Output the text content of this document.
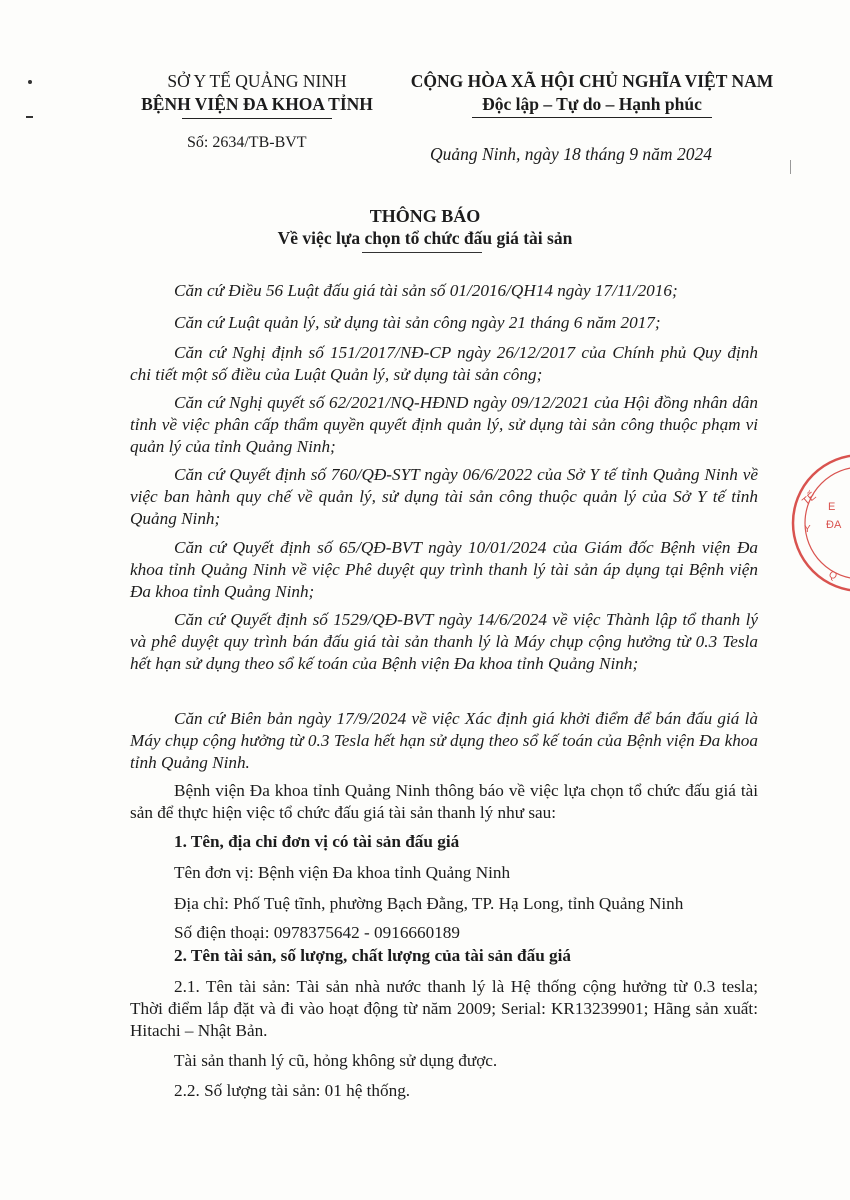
SỞ Y TẾ QUẢNG NINH
BỆNH VIỆN ĐA KHOA TỈNH
CỘNG HÒA XÃ HỘI CHỦ NGHĨA VIỆT NAM
Độc lập – Tự do – Hạnh phúc
Số: 2634/TB-BVT
Quảng Ninh, ngày 18 tháng 9 năm 2024
THÔNG BÁO
Về việc lựa chọn tổ chức đấu giá tài sản
Căn cứ Điều 56 Luật đấu giá tài sản số 01/2016/QH14 ngày 17/11/2016;
Căn cứ Luật quản lý, sử dụng tài sản công ngày 21 tháng 6 năm 2017;
Căn cứ Nghị định số 151/2017/NĐ-CP ngày 26/12/2017 của Chính phủ Quy định chi tiết một số điều của Luật Quản lý, sử dụng tài sản công;
Căn cứ Nghị quyết số 62/2021/NQ-HĐND ngày 09/12/2021 của Hội đồng nhân dân tỉnh về việc phân cấp thẩm quyền quyết định quản lý, sử dụng tài sản công thuộc phạm vi quản lý của tỉnh Quảng Ninh;
Căn cứ Quyết định số 760/QĐ-SYT ngày 06/6/2022 của Sở Y tế tỉnh Quảng Ninh về việc ban hành quy chế về quản lý, sử dụng tài sản công thuộc quản lý của Sở Y tế tỉnh Quảng Ninh;
Căn cứ Quyết định số 65/QĐ-BVT ngày 10/01/2024 của Giám đốc Bệnh viện Đa khoa tỉnh Quảng Ninh về việc Phê duyệt quy trình thanh lý tài sản áp dụng tại Bệnh viện Đa khoa tỉnh Quảng Ninh;
Căn cứ Quyết định số 1529/QĐ-BVT ngày 14/6/2024 về việc Thành lập tổ thanh lý và phê duyệt quy trình bán đấu giá tài sản thanh lý là Máy chụp cộng hưởng từ 0.3 Tesla hết hạn sử dụng theo sổ kế toán của Bệnh viện Đa khoa tỉnh Quảng Ninh;
Căn cứ Biên bản ngày 17/9/2024 về việc Xác định giá khởi điểm để bán đấu giá là Máy chụp cộng hưởng từ 0.3 Tesla hết hạn sử dụng theo sổ kế toán của Bệnh viện Đa khoa tỉnh Quảng Ninh.
Bệnh viện Đa khoa tỉnh Quảng Ninh thông báo về việc lựa chọn tổ chức đấu giá tài sản để thực hiện việc tổ chức đấu giá tài sản thanh lý như sau:
1. Tên, địa chỉ đơn vị có tài sản đấu giá
Tên đơn vị: Bệnh viện Đa khoa tỉnh Quảng Ninh
Địa chỉ: Phố Tuệ tĩnh, phường Bạch Đằng, TP. Hạ Long, tỉnh Quảng Ninh
Số điện thoại: 0978375642 - 0916660189
2. Tên tài sản, số lượng, chất lượng của tài sản đấu giá
2.1. Tên tài sản: Tài sản nhà nước thanh lý là Hệ thống cộng hưởng từ 0.3 tesla; Thời điểm lắp đặt và đi vào hoạt động từ năm 2009; Serial: KR13239901; Hãng sản xuất: Hitachi – Nhật Bản.
Tài sản thanh lý cũ, hỏng không sử dụng được.
2.2. Số lượng tài sản: 01 hệ thống.
TẾ
Y
E
ĐA
Q
